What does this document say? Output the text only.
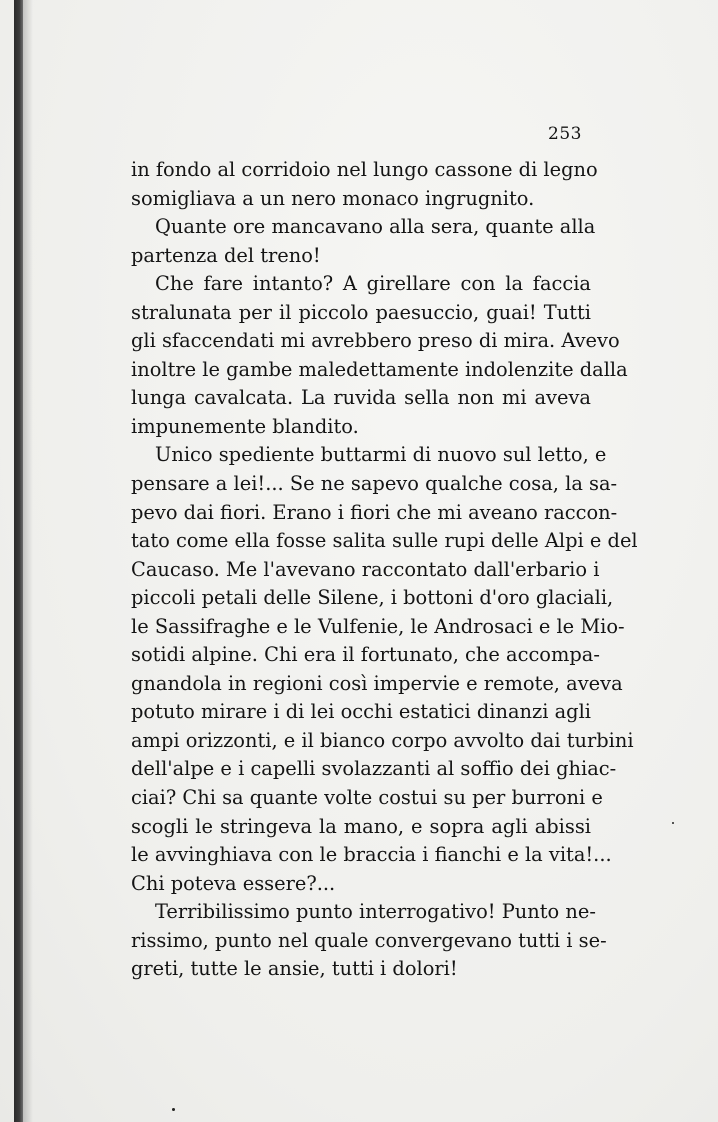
253
in fondo al corridoio nel lungo cassone di legno
somigliava a un nero monaco ingrugnito.
Quante ore mancavano alla sera, quante alla
partenza del treno!
Che fare intanto? A girellare con la faccia
stralunata per il piccolo paesuccio, guai! Tutti
gli sfaccendati mi avrebbero preso di mira. Avevo
inoltre le gambe maledettamente indolenzite dalla
lunga cavalcata. La ruvida sella non mi aveva
impunemente blandito.
Unico spediente buttarmi di nuovo sul letto, e
pensare a lei!... Se ne sapevo qualche cosa, la sa-
pevo dai fiori. Erano i fiori che mi aveano raccon-
tato come ella fosse salita sulle rupi delle Alpi e del
Caucaso. Me l'avevano raccontato dall'erbario i
piccoli petali delle Silene, i bottoni d'oro glaciali,
le Sassifraghe e le Vulfenie, le Androsaci e le Mio-
sotidi alpine. Chi era il fortunato, che accompa-
gnandola in regioni così impervie e remote, aveva
potuto mirare i di lei occhi estatici dinanzi agli
ampi orizzonti, e il bianco corpo avvolto dai turbini
dell'alpe e i capelli svolazzanti al soffio dei ghiac-
ciai? Chi sa quante volte costui su per burroni e
scogli le stringeva la mano, e sopra agli abissi
le avvinghiava con le braccia i fianchi e la vita!...
Chi poteva essere?...
Terribilissimo punto interrogativo! Punto ne-
rissimo, punto nel quale convergevano tutti i se-
greti, tutte le ansie, tutti i dolori!
